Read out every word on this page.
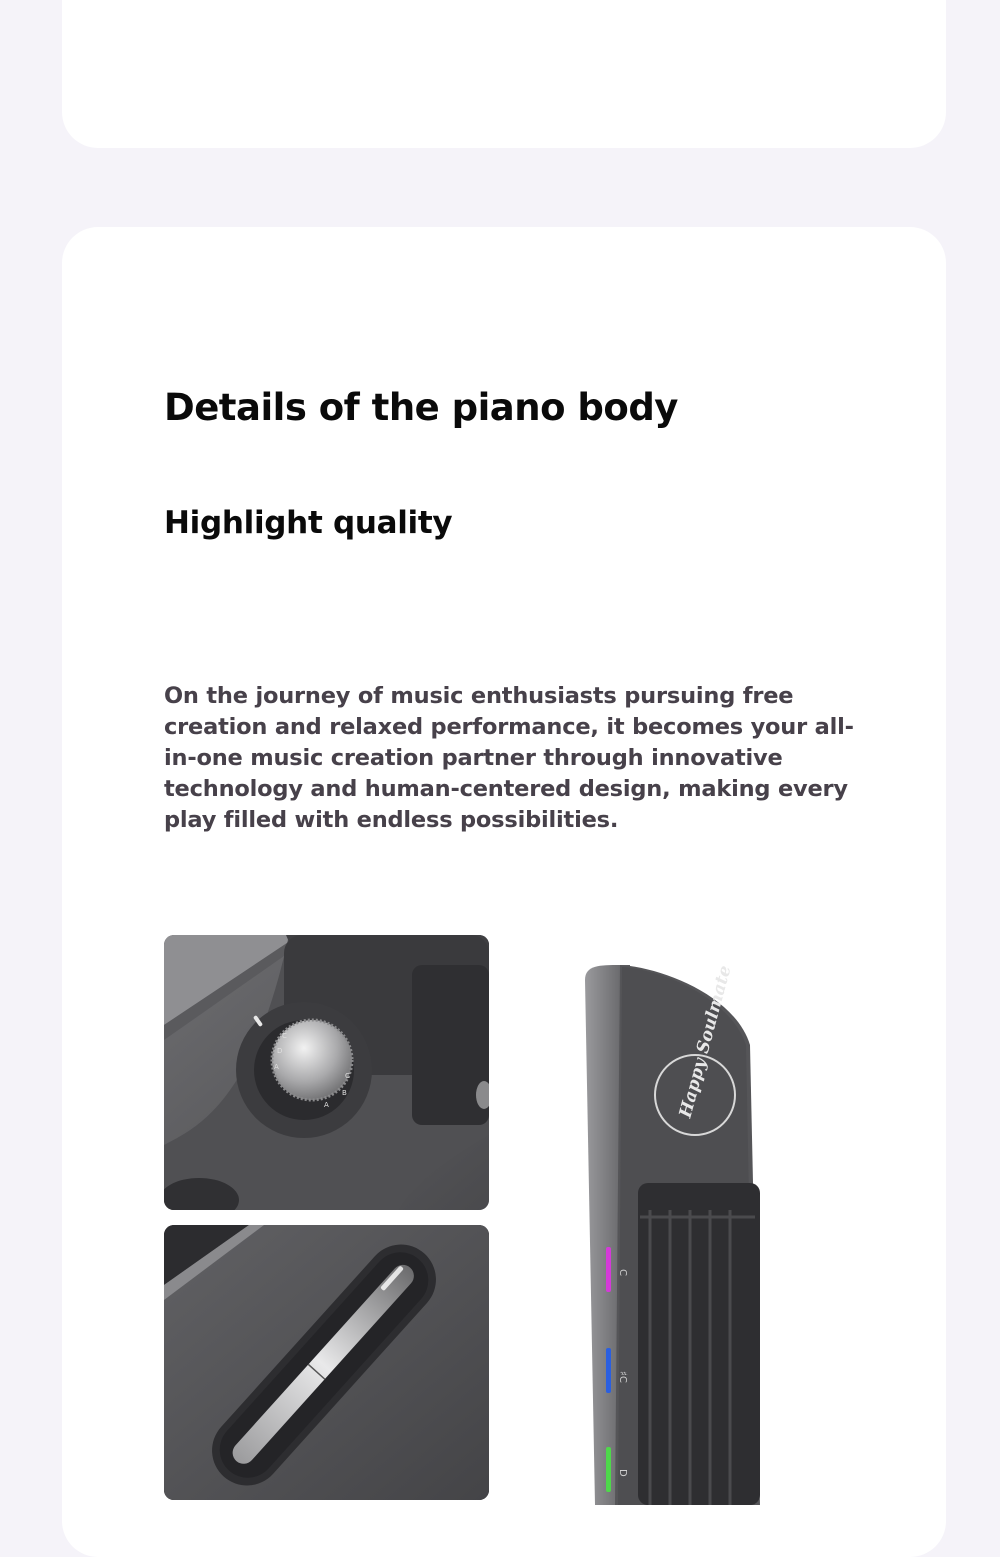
Details of the piano body
Highlight quality

On the journey of music enthusiasts pursuing free creation and relaxed performance, it becomes your all-in-one music creation partner through innovative technology and human-centered design, making every play filled with endless possibilities.

C
D
A
C
B
A	Happy Soulmate
C
♯C
D
